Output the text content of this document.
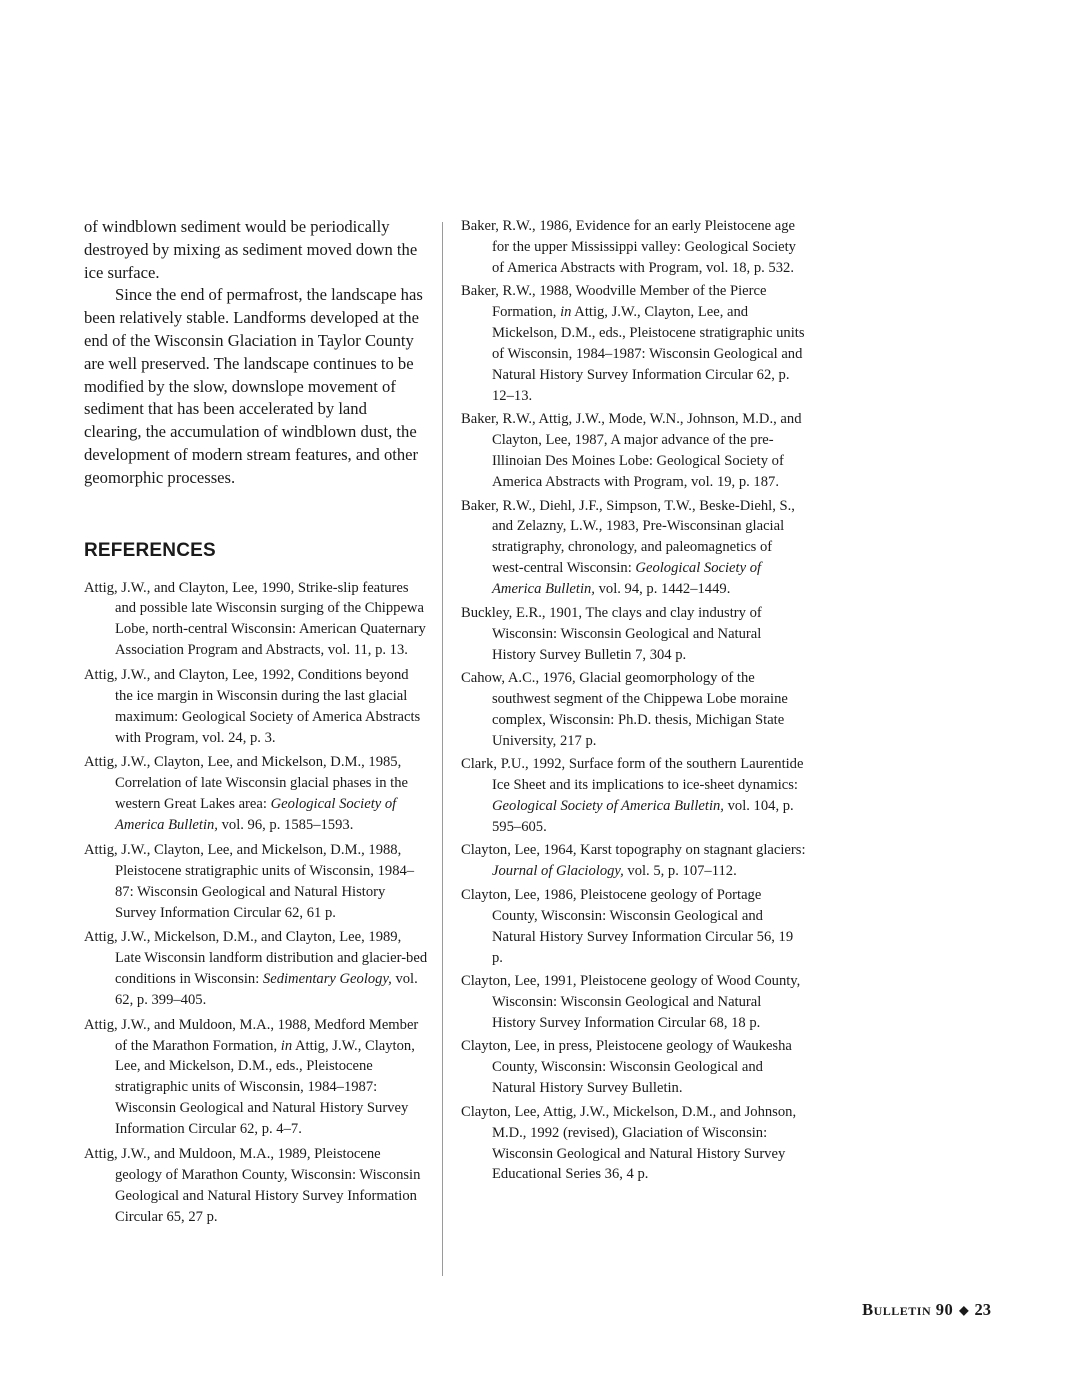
of windblown sediment would be periodically destroyed by mixing as sediment moved down the ice surface.

Since the end of permafrost, the landscape has been relatively stable. Landforms developed at the end of the Wisconsin Glaciation in Taylor County are well preserved. The landscape continues to be modified by the slow, downslope movement of sediment that has been accelerated by land clearing, the accumulation of windblown dust, the development of modern stream features, and other geomorphic processes.

REFERENCES

Attig, J.W., and Clayton, Lee, 1990, Strike-slip features and possible late Wisconsin surging of the Chippewa Lobe, north-central Wisconsin: American Quaternary Association Program and Abstracts, vol. 11, p. 13.

Attig, J.W., and Clayton, Lee, 1992, Conditions beyond the ice margin in Wisconsin during the last glacial maximum: Geological Society of America Abstracts with Program, vol. 24, p. 3.

Attig, J.W., Clayton, Lee, and Mickelson, D.M., 1985, Correlation of late Wisconsin glacial phases in the western Great Lakes area: Geological Society of America Bulletin, vol. 96, p. 1585–1593.

Attig, J.W., Clayton, Lee, and Mickelson, D.M., 1988, Pleistocene stratigraphic units of Wisconsin, 1984–87: Wisconsin Geological and Natural History Survey Information Circular 62, 61 p.

Attig, J.W., Mickelson, D.M., and Clayton, Lee, 1989, Late Wisconsin landform distribution and glacier-bed conditions in Wisconsin: Sedimentary Geology, vol. 62, p. 399–405.

Attig, J.W., and Muldoon, M.A., 1988, Medford Member of the Marathon Formation, in Attig, J.W., Clayton, Lee, and Mickelson, D.M., eds., Pleistocene stratigraphic units of Wisconsin, 1984–1987: Wisconsin Geological and Natural History Survey Information Circular 62, p. 4–7.

Attig, J.W., and Muldoon, M.A., 1989, Pleistocene geology of Marathon County, Wisconsin: Wisconsin Geological and Natural History Survey Information Circular 65, 27 p.

Baker, R.W., 1986, Evidence for an early Pleistocene age for the upper Mississippi valley: Geological Society of America Abstracts with Program, vol. 18, p. 532.

Baker, R.W., 1988, Woodville Member of the Pierce Formation, in Attig, J.W., Clayton, Lee, and Mickelson, D.M., eds., Pleistocene stratigraphic units of Wisconsin, 1984–1987: Wisconsin Geological and Natural History Survey Information Circular 62, p. 12–13.

Baker, R.W., Attig, J.W., Mode, W.N., Johnson, M.D., and Clayton, Lee, 1987, A major advance of the pre-Illinoian Des Moines Lobe: Geological Society of America Abstracts with Program, vol. 19, p. 187.

Baker, R.W., Diehl, J.F., Simpson, T.W., Beske-Diehl, S., and Zelazny, L.W., 1983, Pre-Wisconsinan glacial stratigraphy, chronology, and paleomagnetics of west-central Wisconsin: Geological Society of America Bulletin, vol. 94, p. 1442–1449.

Buckley, E.R., 1901, The clays and clay industry of Wisconsin: Wisconsin Geological and Natural History Survey Bulletin 7, 304 p.

Cahow, A.C., 1976, Glacial geomorphology of the southwest segment of the Chippewa Lobe moraine complex, Wisconsin: Ph.D. thesis, Michigan State University, 217 p.

Clark, P.U., 1992, Surface form of the southern Laurentide Ice Sheet and its implications to ice-sheet dynamics: Geological Society of America Bulletin, vol. 104, p. 595–605.

Clayton, Lee, 1964, Karst topography on stagnant glaciers: Journal of Glaciology, vol. 5, p. 107–112.

Clayton, Lee, 1986, Pleistocene geology of Portage County, Wisconsin: Wisconsin Geological and Natural History Survey Information Circular 56, 19 p.

Clayton, Lee, 1991, Pleistocene geology of Wood County, Wisconsin: Wisconsin Geological and Natural History Survey Information Circular 68, 18 p.

Clayton, Lee, in press, Pleistocene geology of Waukesha County, Wisconsin: Wisconsin Geological and Natural History Survey Bulletin.

Clayton, Lee, Attig, J.W., Mickelson, D.M., and Johnson, M.D., 1992 (revised), Glaciation of Wisconsin: Wisconsin Geological and Natural History Survey Educational Series 36, 4 p.

Bulletin 90 ◆ 23
